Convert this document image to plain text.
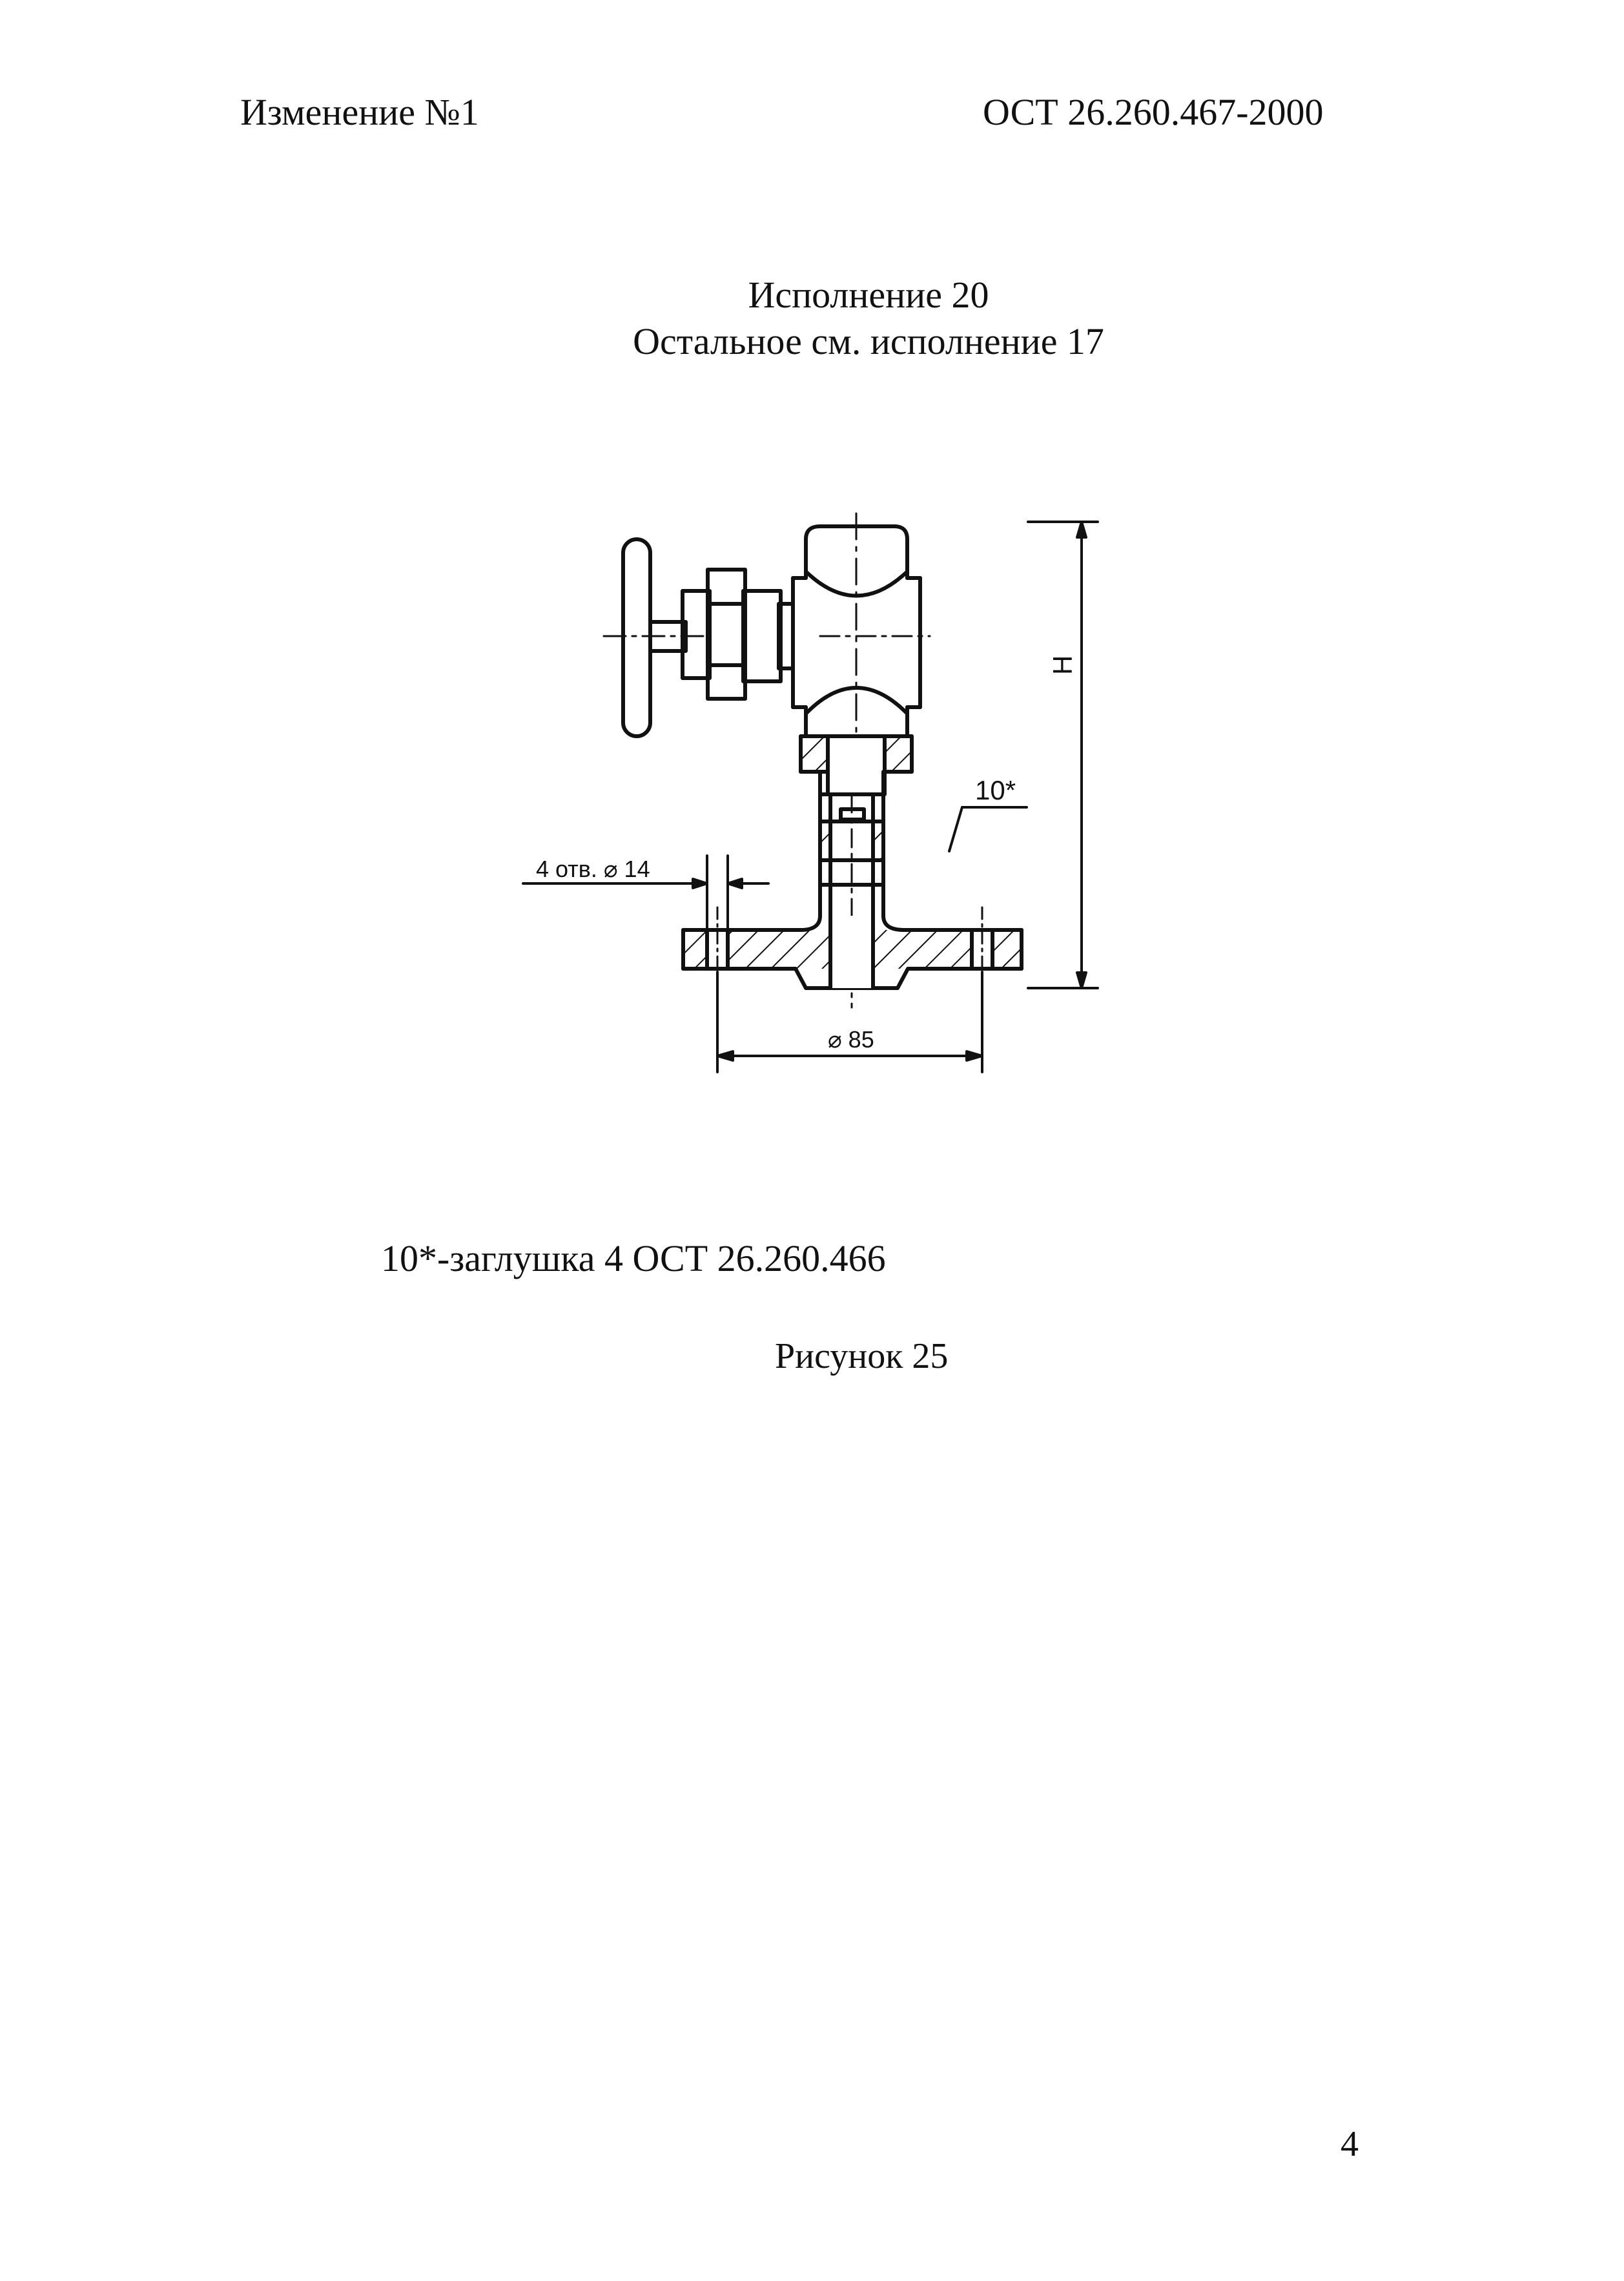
Изменение №1	ОСТ 26.260.467-2000
Исполнение 20
Остальное см. исполнение 17
4 отв. ⌀ 14
⌀ 85
10*
H
10*-заглушка 4 ОСТ 26.260.466
Рисунок 25
4
